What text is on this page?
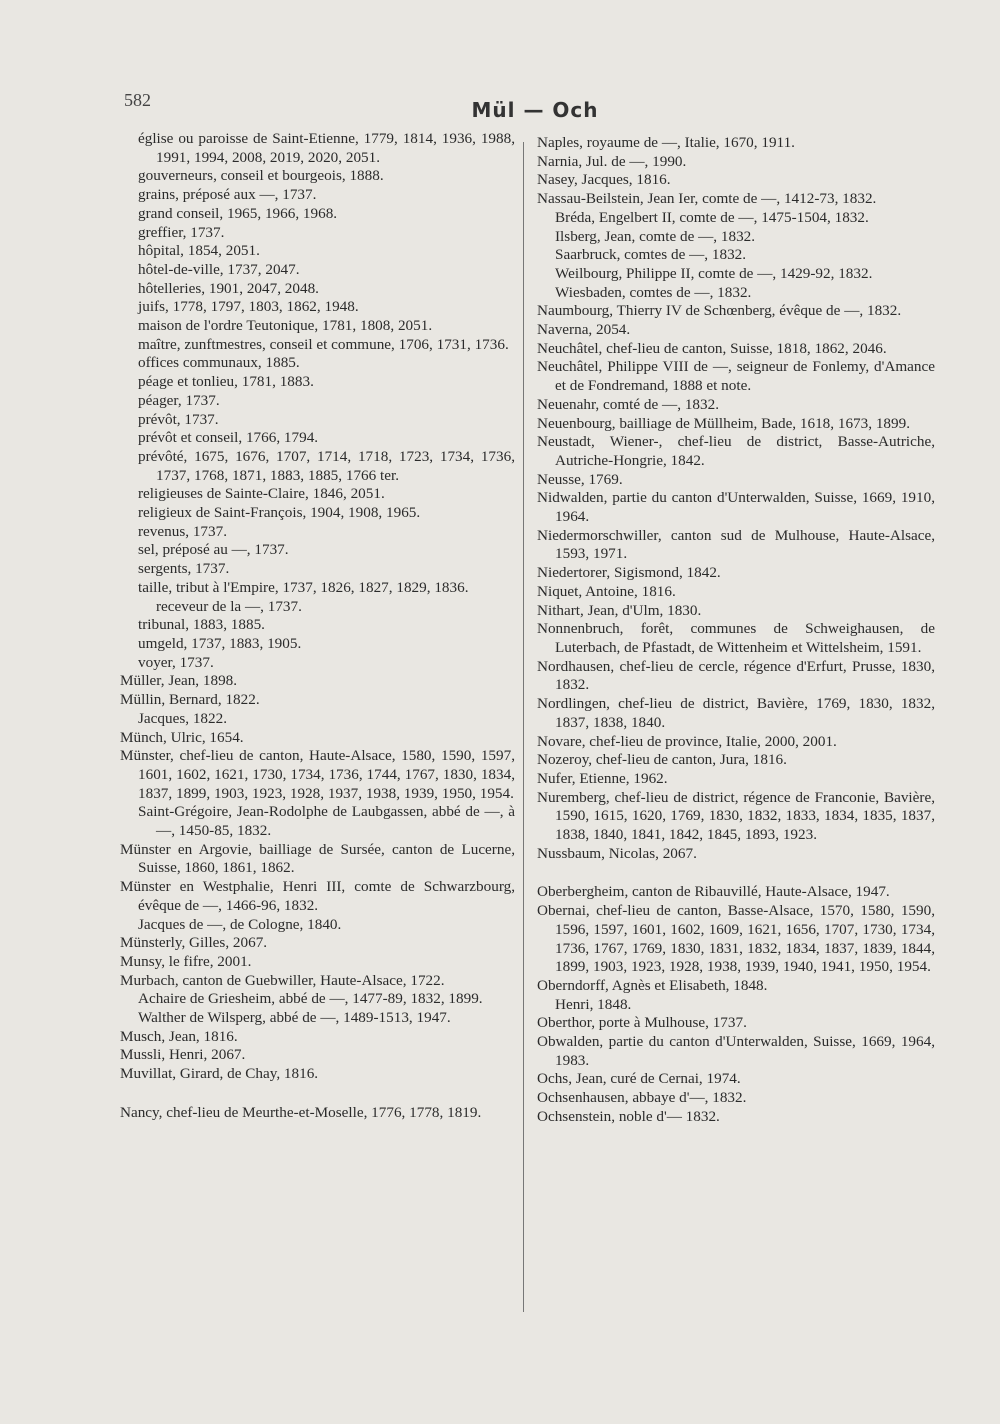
582	Mül — Och
église ou paroisse de Saint-Etienne, 1779, 1814, 1936, 1988, 1991, 1994, 2008, 2019, 2020, 2051.
gouverneurs, conseil et bourgeois, 1888.
grains, préposé aux —, 1737.
grand conseil, 1965, 1966, 1968.
greffier, 1737.
hôpital, 1854, 2051.
hôtel-de-ville, 1737, 2047.
hôtelleries, 1901, 2047, 2048.
juifs, 1778, 1797, 1803, 1862, 1948.
maison de l'ordre Teutonique, 1781, 1808, 2051.
maître, zunftmestres, conseil et commune, 1706, 1731, 1736.
offices communaux, 1885.
péage et tonlieu, 1781, 1883.
péager, 1737.
prévôt, 1737.
prévôt et conseil, 1766, 1794.
prévôté, 1675, 1676, 1707, 1714, 1718, 1723, 1734, 1736, 1737, 1768, 1871, 1883, 1885, 1766 ter.
religieuses de Sainte-Claire, 1846, 2051.
religieux de Saint-François, 1904, 1908, 1965.
revenus, 1737.
sel, préposé au —, 1737.
sergents, 1737.
taille, tribut à l'Empire, 1737, 1826, 1827, 1829, 1836.
receveur de la —, 1737.
tribunal, 1883, 1885.
umgeld, 1737, 1883, 1905.
voyer, 1737.
Müller, Jean, 1898.
Müllin, Bernard, 1822.
Jacques, 1822.
Münch, Ulric, 1654.
Münster, chef-lieu de canton, Haute-Alsace, 1580, 1590, 1597, 1601, 1602, 1621, 1730, 1734, 1736, 1744, 1767, 1830, 1834, 1837, 1899, 1903, 1923, 1928, 1937, 1938, 1939, 1950, 1954.
Saint-Grégoire, Jean-Rodolphe de Laubgassen, abbé de —, à —, 1450-85, 1832.
Münster en Argovie, bailliage de Sursée, canton de Lucerne, Suisse, 1860, 1861, 1862.
Münster en Westphalie, Henri III, comte de Schwarzbourg, évêque de —, 1466-96, 1832.
Jacques de —, de Cologne, 1840.
Münsterly, Gilles, 2067.
Munsy, le fifre, 2001.
Murbach, canton de Guebwiller, Haute-Alsace, 1722.
Achaire de Griesheim, abbé de —, 1477-89, 1832, 1899.
Walther de Wilsperg, abbé de —, 1489-1513, 1947.
Musch, Jean, 1816.
Mussli, Henri, 2067.
Muvillat, Girard, de Chay, 1816.
Nancy, chef-lieu de Meurthe-et-Moselle, 1776, 1778, 1819.
Naples, royaume de —, Italie, 1670, 1911.
Narnia, Jul. de —, 1990.
Nasey, Jacques, 1816.
Nassau-Beilstein, Jean Ier, comte de —, 1412-73, 1832.
Bréda, Engelbert II, comte de —, 1475-1504, 1832.
Ilsberg, Jean, comte de —, 1832.
Saarbruck, comtes de —, 1832.
Weilbourg, Philippe II, comte de —, 1429-92, 1832.
Wiesbaden, comtes de —, 1832.
Naumbourg, Thierry IV de Schœnberg, évêque de —, 1832.
Naverna, 2054.
Neuchâtel, chef-lieu de canton, Suisse, 1818, 1862, 2046.
Neuchâtel, Philippe VIII de —, seigneur de Fonlemy, d'Amance et de Fondremand, 1888 et note.
Neuenahr, comté de —, 1832.
Neuenbourg, bailliage de Müllheim, Bade, 1618, 1673, 1899.
Neustadt, Wiener-, chef-lieu de district, Basse-Autriche, Autriche-Hongrie, 1842.
Neusse, 1769.
Nidwalden, partie du canton d'Unterwalden, Suisse, 1669, 1910, 1964.
Niedermorschwiller, canton sud de Mulhouse, Haute-Alsace, 1593, 1971.
Niedertorer, Sigismond, 1842.
Niquet, Antoine, 1816.
Nithart, Jean, d'Ulm, 1830.
Nonnenbruch, forêt, communes de Schweighausen, de Luterbach, de Pfastadt, de Wittenheim et Wittelsheim, 1591.
Nordhausen, chef-lieu de cercle, régence d'Erfurt, Prusse, 1830, 1832.
Nordlingen, chef-lieu de district, Bavière, 1769, 1830, 1832, 1837, 1838, 1840.
Novare, chef-lieu de province, Italie, 2000, 2001.
Nozeroy, chef-lieu de canton, Jura, 1816.
Nufer, Etienne, 1962.
Nuremberg, chef-lieu de district, régence de Franconie, Bavière, 1590, 1615, 1620, 1769, 1830, 1832, 1833, 1834, 1835, 1837, 1838, 1840, 1841, 1842, 1845, 1893, 1923.
Nussbaum, Nicolas, 2067.
Oberbergheim, canton de Ribauvillé, Haute-Alsace, 1947.
Obernai, chef-lieu de canton, Basse-Alsace, 1570, 1580, 1590, 1596, 1597, 1601, 1602, 1609, 1621, 1656, 1707, 1730, 1734, 1736, 1767, 1769, 1830, 1831, 1832, 1834, 1837, 1839, 1844, 1899, 1903, 1923, 1928, 1938, 1939, 1940, 1941, 1950, 1954.
Oberndorff, Agnès et Elisabeth, 1848.
Henri, 1848.
Oberthor, porte à Mulhouse, 1737.
Obwalden, partie du canton d'Unterwalden, Suisse, 1669, 1964, 1983.
Ochs, Jean, curé de Cernai, 1974.
Ochsenhausen, abbaye d'—, 1832.
Ochsenstein, noble d'— 1832.
